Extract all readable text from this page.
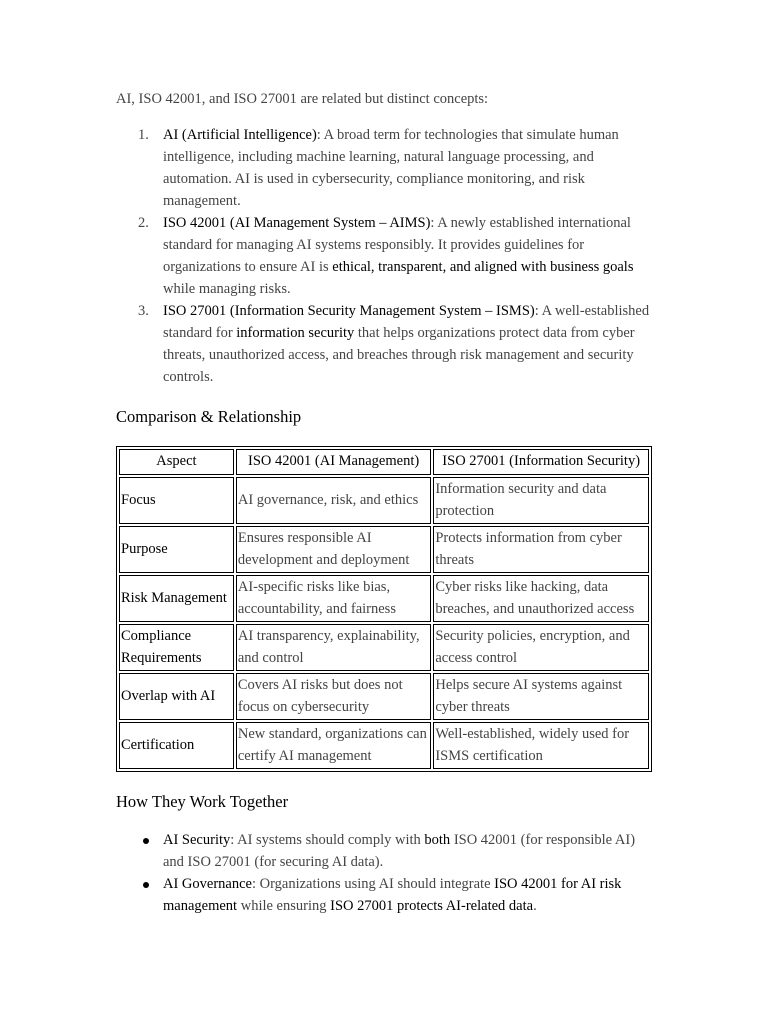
AI, ISO 42001, and ISO 27001 are related but distinct concepts:

1. AI (Artificial Intelligence): A broad term for technologies that simulate human intelligence, including machine learning, natural language processing, and automation. AI is used in cybersecurity, compliance monitoring, and risk management.
2. ISO 42001 (AI Management System – AIMS): A newly established international standard for managing AI systems responsibly. It provides guidelines for organizations to ensure AI is ethical, transparent, and aligned with business goals while managing risks.
3. ISO 27001 (Information Security Management System – ISMS): A well-established standard for information security that helps organizations protect data from cyber threats, unauthorized access, and breaches through risk management and security controls.
Comparison & Relationship
Aspect	ISO 42001 (AI Management)	ISO 27001 (Information Security)
Focus	AI governance, risk, and ethics	Information security and data protection
Purpose	Ensures responsible AI development and deployment	Protects information from cyber threats
Risk Management	AI-specific risks like bias, accountability, and fairness	Cyber risks like hacking, data breaches, and unauthorized access
Compliance Requirements	AI transparency, explainability, and control	Security policies, encryption, and access control
Overlap with AI	Covers AI risks but does not focus on cybersecurity	Helps secure AI systems against cyber threats
Certification	New standard, organizations can certify AI management	Well-established, widely used for ISMS certification
How They Work Together
AI Security: AI systems should comply with both ISO 42001 (for responsible AI) and ISO 27001 (for securing AI data).
AI Governance: Organizations using AI should integrate ISO 42001 for AI risk management while ensuring ISO 27001 protects AI-related data.
